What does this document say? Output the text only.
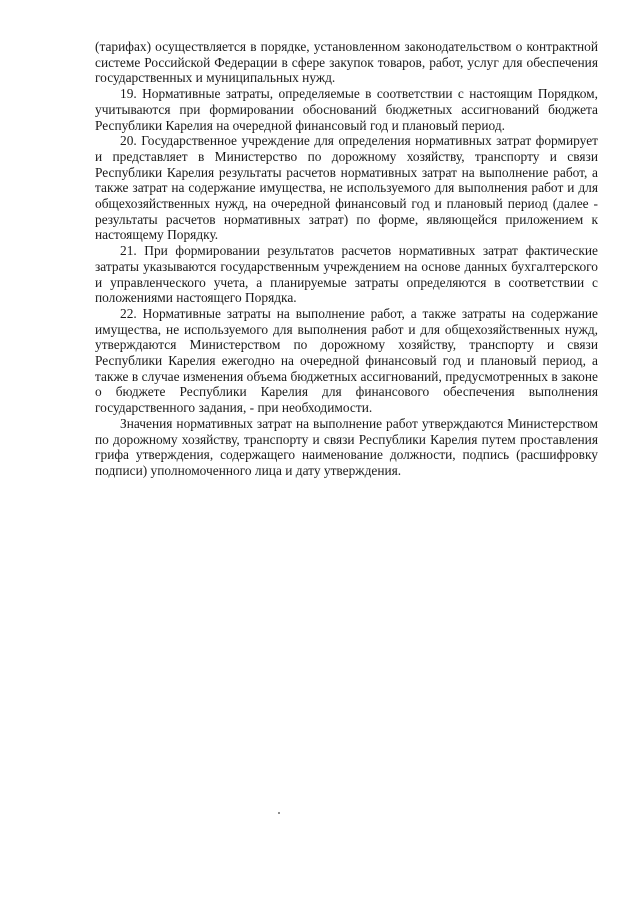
(тарифах) осуществляется в порядке, установленном законодательством о контрактной системе Российской Федерации в сфере закупок товаров, работ, услуг для обеспечения государственных и муниципальных нужд.

19. Нормативные затраты, определяемые в соответствии с настоящим Порядком, учитываются при формировании обоснований бюджетных ассигнований бюджета Республики Карелия на очередной финансовый год и плановый период.

20. Государственное учреждение для определения нормативных затрат формирует и представляет в Министерство по дорожному хозяйству, транспорту и связи Республики Карелия результаты расчетов нормативных затрат на выполнение работ, а также затрат на содержание имущества, не используемого для выполнения работ и для общехозяйственных нужд, на очередной финансовый год и плановый период (далее - результаты расчетов нормативных затрат) по форме, являющейся приложением к настоящему Порядку.

21. При формировании результатов расчетов нормативных затрат фактические затраты указываются государственным учреждением на основе данных бухгалтерского и управленческого учета, а планируемые затраты определяются в соответствии с положениями настоящего Порядка.

22. Нормативные затраты на выполнение работ, а также затраты на содержание имущества, не используемого для выполнения работ и для общехозяйственных нужд, утверждаются Министерством по дорожному хозяйству, транспорту и связи Республики Карелия ежегодно на очередной финансовый год и плановый период, а также в случае изменения объема бюджетных ассигнований, предусмотренных в законе о бюджете Республики Карелия для финансового обеспечения выполнения государственного задания, - при необходимости.

Значения нормативных затрат на выполнение работ утверждаются Министерством по дорожному хозяйству, транспорту и связи Республики Карелия путем проставления грифа утверждения, содержащего наименование должности, подпись (расшифровку подписи) уполномоченного лица и дату утверждения.
